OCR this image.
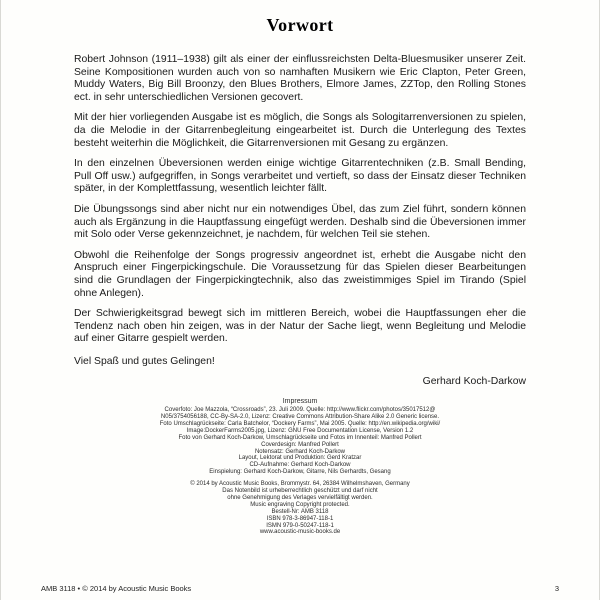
Vorwort

Robert Johnson (1911–1938) gilt als einer der einflussreichsten Delta-Bluesmusiker unserer Zeit. Seine Kompositionen wurden auch von so namhaften Musikern wie Eric Clapton, Peter Green, Muddy Waters, Big Bill Broonzy, den Blues Brothers, Elmore James, ZZTop, den Rolling Stones ect. in sehr unterschiedlichen Versionen gecovert.

Mit der hier vorliegenden Ausgabe ist es möglich, die Songs als Sologitarrenversionen zu spielen, da die Melodie in der Gitarrenbegleitung eingearbeitet ist. Durch die Unterlegung des Textes besteht weiterhin die Möglichkeit, die Gitarrenversionen mit Gesang zu ergänzen.

In den einzelnen Übeversionen werden einige wichtige Gitarrentechniken (z.B. Small Bending, Pull Off usw.) aufgegriffen, in Songs verarbeitet und vertieft, so dass der Einsatz dieser Techniken später, in der Komplettfassung, wesentlich leichter fällt.

Die Übungssongs sind aber nicht nur ein notwendiges Übel, das zum Ziel führt, sondern können auch als Ergänzung in die Hauptfassung eingefügt werden. Deshalb sind die Übeversionen immer mit Solo oder Verse gekennzeichnet, je nachdem, für welchen Teil sie stehen.

Obwohl die Reihenfolge der Songs progressiv angeordnet ist, erhebt die Ausgabe nicht den Anspruch einer Fingerpickingschule. Die Voraussetzung für das Spielen dieser Bearbeitungen sind die Grundlagen der Fingerpickingtechnik, also das zweistimmiges Spiel im Tirando (Spiel ohne Anlegen).

Der Schwierigkeitsgrad bewegt sich im mittleren Bereich, wobei die Hauptfassungen eher die Tendenz nach oben hin zeigen, was in der Natur der Sache liegt, wenn Begleitung und Melodie auf einer Gitarre gespielt werden.

Viel Spaß und gutes Gelingen!

Gerhard Koch-Darkow
Impressum
Coverfoto: Joe Mazzola, “Crossroads”, 23. Juli 2009. Quelle: http://www.flickr.com/photos/35017512@
N05/3754056188, CC-By-SA-2.0, Lizenz: Creative Commons Attribution-Share Alike 2.0 Generic license.
Foto Umschlagrückseite: Carla Batchelor, “Dockery Farms”, Mai 2005. Quelle: http://en.wikipedia.org/wiki/
Image:DockerFarms2005.jpg, Lizenz: GNU Free Documentation License, Version 1.2
Foto von Gerhard Koch-Darkow, Umschlagrückseite und Fotos im Innenteil: Manfred Pollert
Coverdesign: Manfred Pollert
Notensatz: Gerhard Koch-Darkow
Layout, Lektorat und Produktion: Gerd Kratzar
CD-Aufnahme: Gerhard Koch-Darkow
Einspielung: Gerhard Koch-Darkow, Gitarre, Nils Gerhardts, Gesang
© 2014 by Acoustic Music Books, Brommystr. 64, 26384 Wilhelmshaven, Germany
Das Notenbild ist urheberrechtlich geschützt und darf nicht
ohne Genehmigung des Verlages vervielfältigt werden.
Music engraving Copyright protected.
Bestell-Nr: AMB 3118
ISBN 978-3-86947-118-1
ISMN 979-0-50247-118-1
www.acoustic-music-books.de
AMB 3118 • © 2014 by Acoustic Music Books	3
